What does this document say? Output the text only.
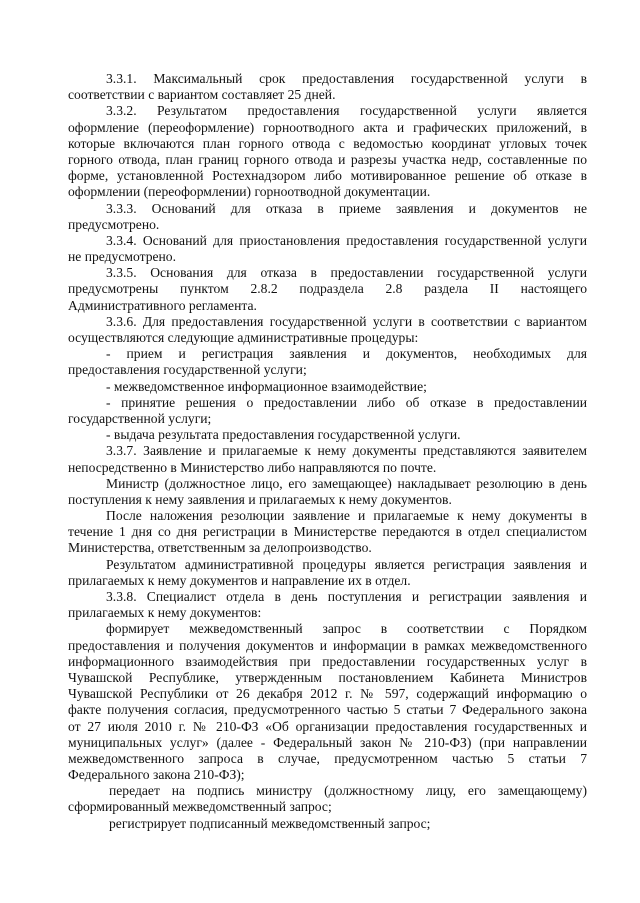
3.3.1. Максимальный срок предоставления государственной услуги в
соответствии с вариантом составляет 25 дней.
3.3.2. Результатом предоставления государственной услуги является
оформление (переоформление) горноотводного акта и графических приложений, в
которые включаются план горного отвода с ведомостью координат угловых точек
горного отвода, план границ горного отвода и разрезы участка недр, составленные по
форме, установленной Ростехнадзором либо мотивированное решение об отказе в
оформлении (переоформлении) горноотводной документации.
3.3.3. Оснований для отказа в приеме заявления и документов не
предусмотрено.
3.3.4. Оснований для приостановления предоставления государственной услуги
не предусмотрено.
3.3.5. Основания для отказа в предоставлении государственной услуги
предусмотрены пунктом 2.8.2 подраздела 2.8 раздела II настоящего
Административного регламента.
3.3.6. Для предоставления государственной услуги в соответствии с вариантом
осуществляются следующие административные процедуры:
- прием и регистрация заявления и документов, необходимых для
предоставления государственной услуги;
- межведомственное информационное взаимодействие;
- принятие решения о предоставлении либо об отказе в предоставлении
государственной услуги;
- выдача результата предоставления государственной услуги.
3.3.7. Заявление и прилагаемые к нему документы представляются заявителем
непосредственно в Министерство либо направляются по почте.
Министр (должностное лицо, его замещающее) накладывает резолюцию в день
поступления к нему заявления и прилагаемых к нему документов.
После наложения резолюции заявление и прилагаемые к нему документы в
течение 1 дня со дня регистрации в Министерстве передаются в отдел специалистом
Министерства, ответственным за делопроизводство.
Результатом административной процедуры является регистрация заявления и
прилагаемых к нему документов и направление их в отдел.
3.3.8. Специалист отдела в день поступления и регистрации заявления и
прилагаемых к нему документов:
формирует межведомственный запрос в соответствии с Порядком
предоставления и получения документов и информации в рамках межведомственного
информационного взаимодействия при предоставлении государственных услуг в
Чувашской Республике, утвержденным постановлением Кабинета Министров
Чувашской Республики от 26 декабря 2012 г. № 597, содержащий информацию о
факте получения согласия, предусмотренного частью 5 статьи 7 Федерального закона
от 27 июля 2010 г. № 210-ФЗ «Об организации предоставления государственных и
муниципальных услуг» (далее - Федеральный закон № 210-ФЗ) (при направлении
межведомственного запроса в случае, предусмотренном частью 5 статьи 7
Федерального закона 210-ФЗ);
передает на подпись министру (должностному лицу, его замещающему)
сформированный межведомственный запрос;
регистрирует подписанный межведомственный запрос;
